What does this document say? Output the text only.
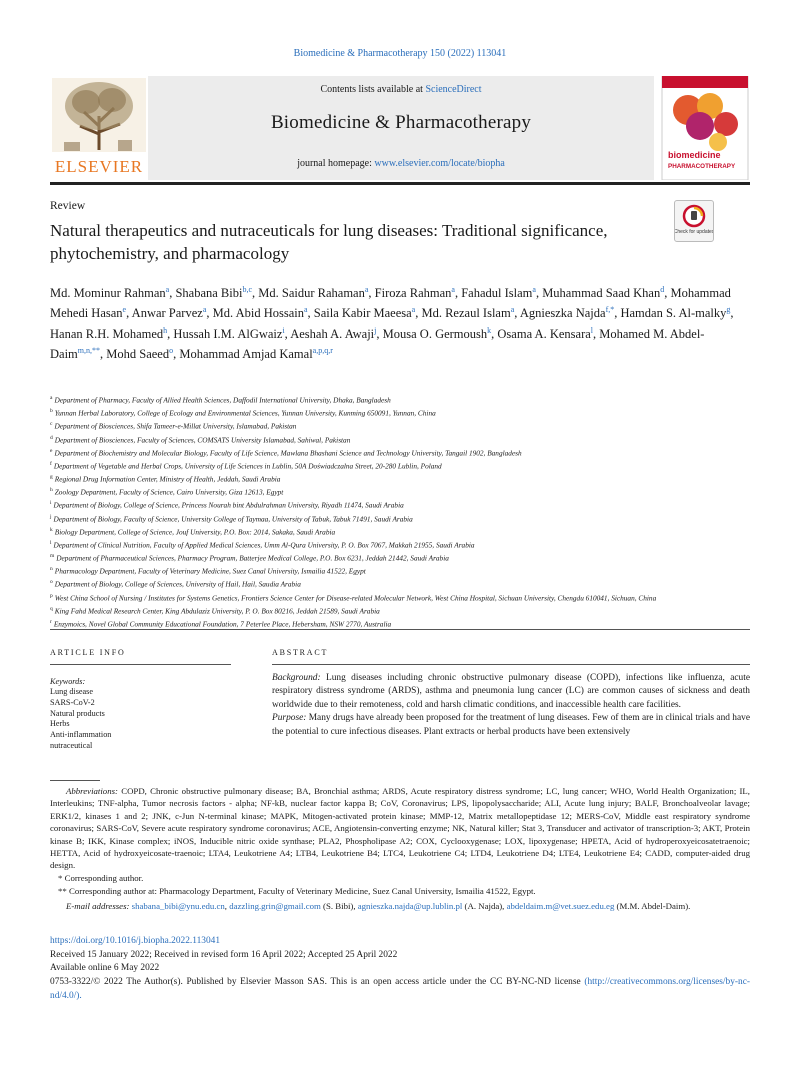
Biomedicine & Pharmacotherapy 150 (2022) 113041
ELSEVIER
Contents lists available at ScienceDirect
Biomedicine & Pharmacotherapy
journal homepage: www.elsevier.com/locate/biopha
biomedicine
PHARMACOTHERAPY
Review
Natural therapeutics and nutraceuticals for lung diseases: Traditional significance, phytochemistry, and pharmacology
Check for updates
Md. Mominur Rahman$^a$, Shabana Bibi$^{b,c}$, Md. Saidur Rahaman$^a$, Firoza Rahman$^a$, Fahadul Islam$^a$, Muhammad Saad Khan$^d$, Mohammad Mehedi Hasan$^e$, Anwar Parvez$^a$, Md. Abid Hossain$^a$, Saila Kabir Maeesa$^a$, Md. Rezaul Islam$^a$, Agnieszka Najda$^{f,*}$, Hamdan S. Al-malky$^g$, Hanan R.H. Mohamed$^h$, Hussah I.M. AlGwaiz$^i$, Aeshah A. Awaji$^j$, Mousa O. Germoush$^k$, Osama A. Kensara$^l$, Mohamed M. Abdel-Daim$^{m,n,**}$, Mohd Saeed$^o$, Mohammad Amjad Kamal$^{a,p,q,r}$
$^a$ Department of Pharmacy, Faculty of Allied Health Sciences, Daffodil International University, Dhaka, Bangladesh
$^b$ Yunnan Herbal Laboratory, College of Ecology and Environmental Sciences, Yunnan University, Kunming 650091, Yunnan, China
$^c$ Department of Biosciences, Shifa Tameer-e-Millat University, Islamabad, Pakistan
$^d$ Department of Biosciences, Faculty of Sciences, COMSATS University Islamabad, Sahiwal, Pakistan
$^e$ Department of Biochemistry and Molecular Biology, Faculty of Life Science, Mawlana Bhashani Science and Technology University, Tangail 1902, Bangladesh
$^f$ Department of Vegetable and Herbal Crops, University of Life Sciences in Lublin, 50A Doświadczalna Street, 20-280 Lublin, Poland
$^g$ Regional Drug Information Center, Ministry of Health, Jeddah, Saudi Arabia
$^h$ Zoology Department, Faculty of Science, Cairo University, Giza 12613, Egypt
$^i$ Department of Biology, College of Science, Princess Nourah bint Abdulrahman University, Riyadh 11474, Saudi Arabia
$^j$ Department of Biology, Faculty of Science, University College of Taymaa, University of Tabuk, Tabuk 71491, Saudi Arabia
$^k$ Biology Department, College of Science, Jouf University, P.O. Box: 2014, Sakaka, Saudi Arabia
$^l$ Department of Clinical Nutrition, Faculty of Applied Medical Sciences, Umm Al-Qura University, P. O. Box 7067, Makkah 21955, Saudi Arabia
$^m$ Department of Pharmaceutical Sciences, Pharmacy Program, Batterjee Medical College, P.O. Box 6231, Jeddah 21442, Saudi Arabia
$^n$ Pharmacology Department, Faculty of Veterinary Medicine, Suez Canal University, Ismailia 41522, Egypt
$^o$ Department of Biology, College of Sciences, University of Hail, Hail, Saudia Arabia
$^p$ West China School of Nursing / Institutes for Systems Genetics, Frontiers Science Center for Disease-related Molecular Network, West China Hospital, Sichuan University, Chengdu 610041, Sichuan, China
$^q$ King Fahd Medical Research Center, King Abdulaziz University, P. O. Box 80216, Jeddah 21589, Saudi Arabia
$^r$ Enzymoics, Novel Global Community Educational Foundation, 7 Peterlee Place, Hebersham, NSW 2770, Australia
ARTICLE INFO
Keywords:
Lung disease
SARS-CoV-2
Natural products
Herbs
Anti-inflammation
nutraceutical
ABSTRACT
Background: Lung diseases including chronic obstructive pulmonary disease (COPD), infections like influenza, acute respiratory distress syndrome (ARDS), asthma and pneumonia lung cancer (LC) are common causes of sickness and death worldwide due to their remoteness, cold and harsh climatic conditions, and inaccessible health care facilities.
Purpose: Many drugs have already been proposed for the treatment of lung diseases. Few of them are in clinical trials and have the potential to cure infectious diseases. Plant extracts or herbal products have been extensively
Abbreviations: COPD, Chronic obstructive pulmonary disease; BA, Bronchial asthma; ARDS, Acute respiratory distress syndrome; LC, lung cancer; WHO, World Health Organization; IL, Interleukins; TNF-alpha, Tumor necrosis factors - alpha; NF-kB, nuclear factor kappa B; CoV, Coronavirus; LPS, lipopolysaccharide; ALI, Acute lung injury; BALF, Bronchoalveolar lavage; ERK1/2, kinases 1 and 2; JNK, c-Jun N-terminal kinase; MAPK, Mitogen-activated protein kinase; MMP-12, Matrix metallopeptidase 12; MERS-CoV, Middle east respiratory syndrome coronavirus; SARS-CoV, Severe acute respiratory syndrome coronavirus; ACE, Angiotensin-converting enzyme; NK, Natural killer; Stat 3, Transducer and activator of transcription-3; AKT, Protein kinase B; IKK, Kinase complex; iNOS, Inducible nitric oxide synthase; PLA2, Phospholipase A2; COX, Cyclooxygenase; LOX, lipoxygenase; HPETA, Acid of hydroperoxyeicosatetraenoic; HETTA, Acid of hydroxyeicosate-traenoic; LTA4, Leukotriene A4; LTB4, Leukotriene B4; LTC4, Leukotriene C4; LTD4, Leukotriene D4; LTE4, Leukotriene E4; CADD, computer-aided drug design.
* Corresponding author.
** Corresponding author at: Pharmacology Department, Faculty of Veterinary Medicine, Suez Canal University, Ismailia 41522, Egypt.
E-mail addresses: shabana_bibi@ynu.edu.cn, dazzling.grin@gmail.com (S. Bibi), agnieszka.najda@up.lublin.pl (A. Najda), abdeldaim.m@vet.suez.edu.eg (M.M. Abdel-Daim).
https://doi.org/10.1016/j.biopha.2022.113041
Received 15 January 2022; Received in revised form 16 April 2022; Accepted 25 April 2022
Available online 6 May 2022
0753-3322/© 2022 The Author(s). Published by Elsevier Masson SAS. This is an open access article under the CC BY-NC-ND license (http://creativecommons.org/licenses/by-nc-nd/4.0/).
